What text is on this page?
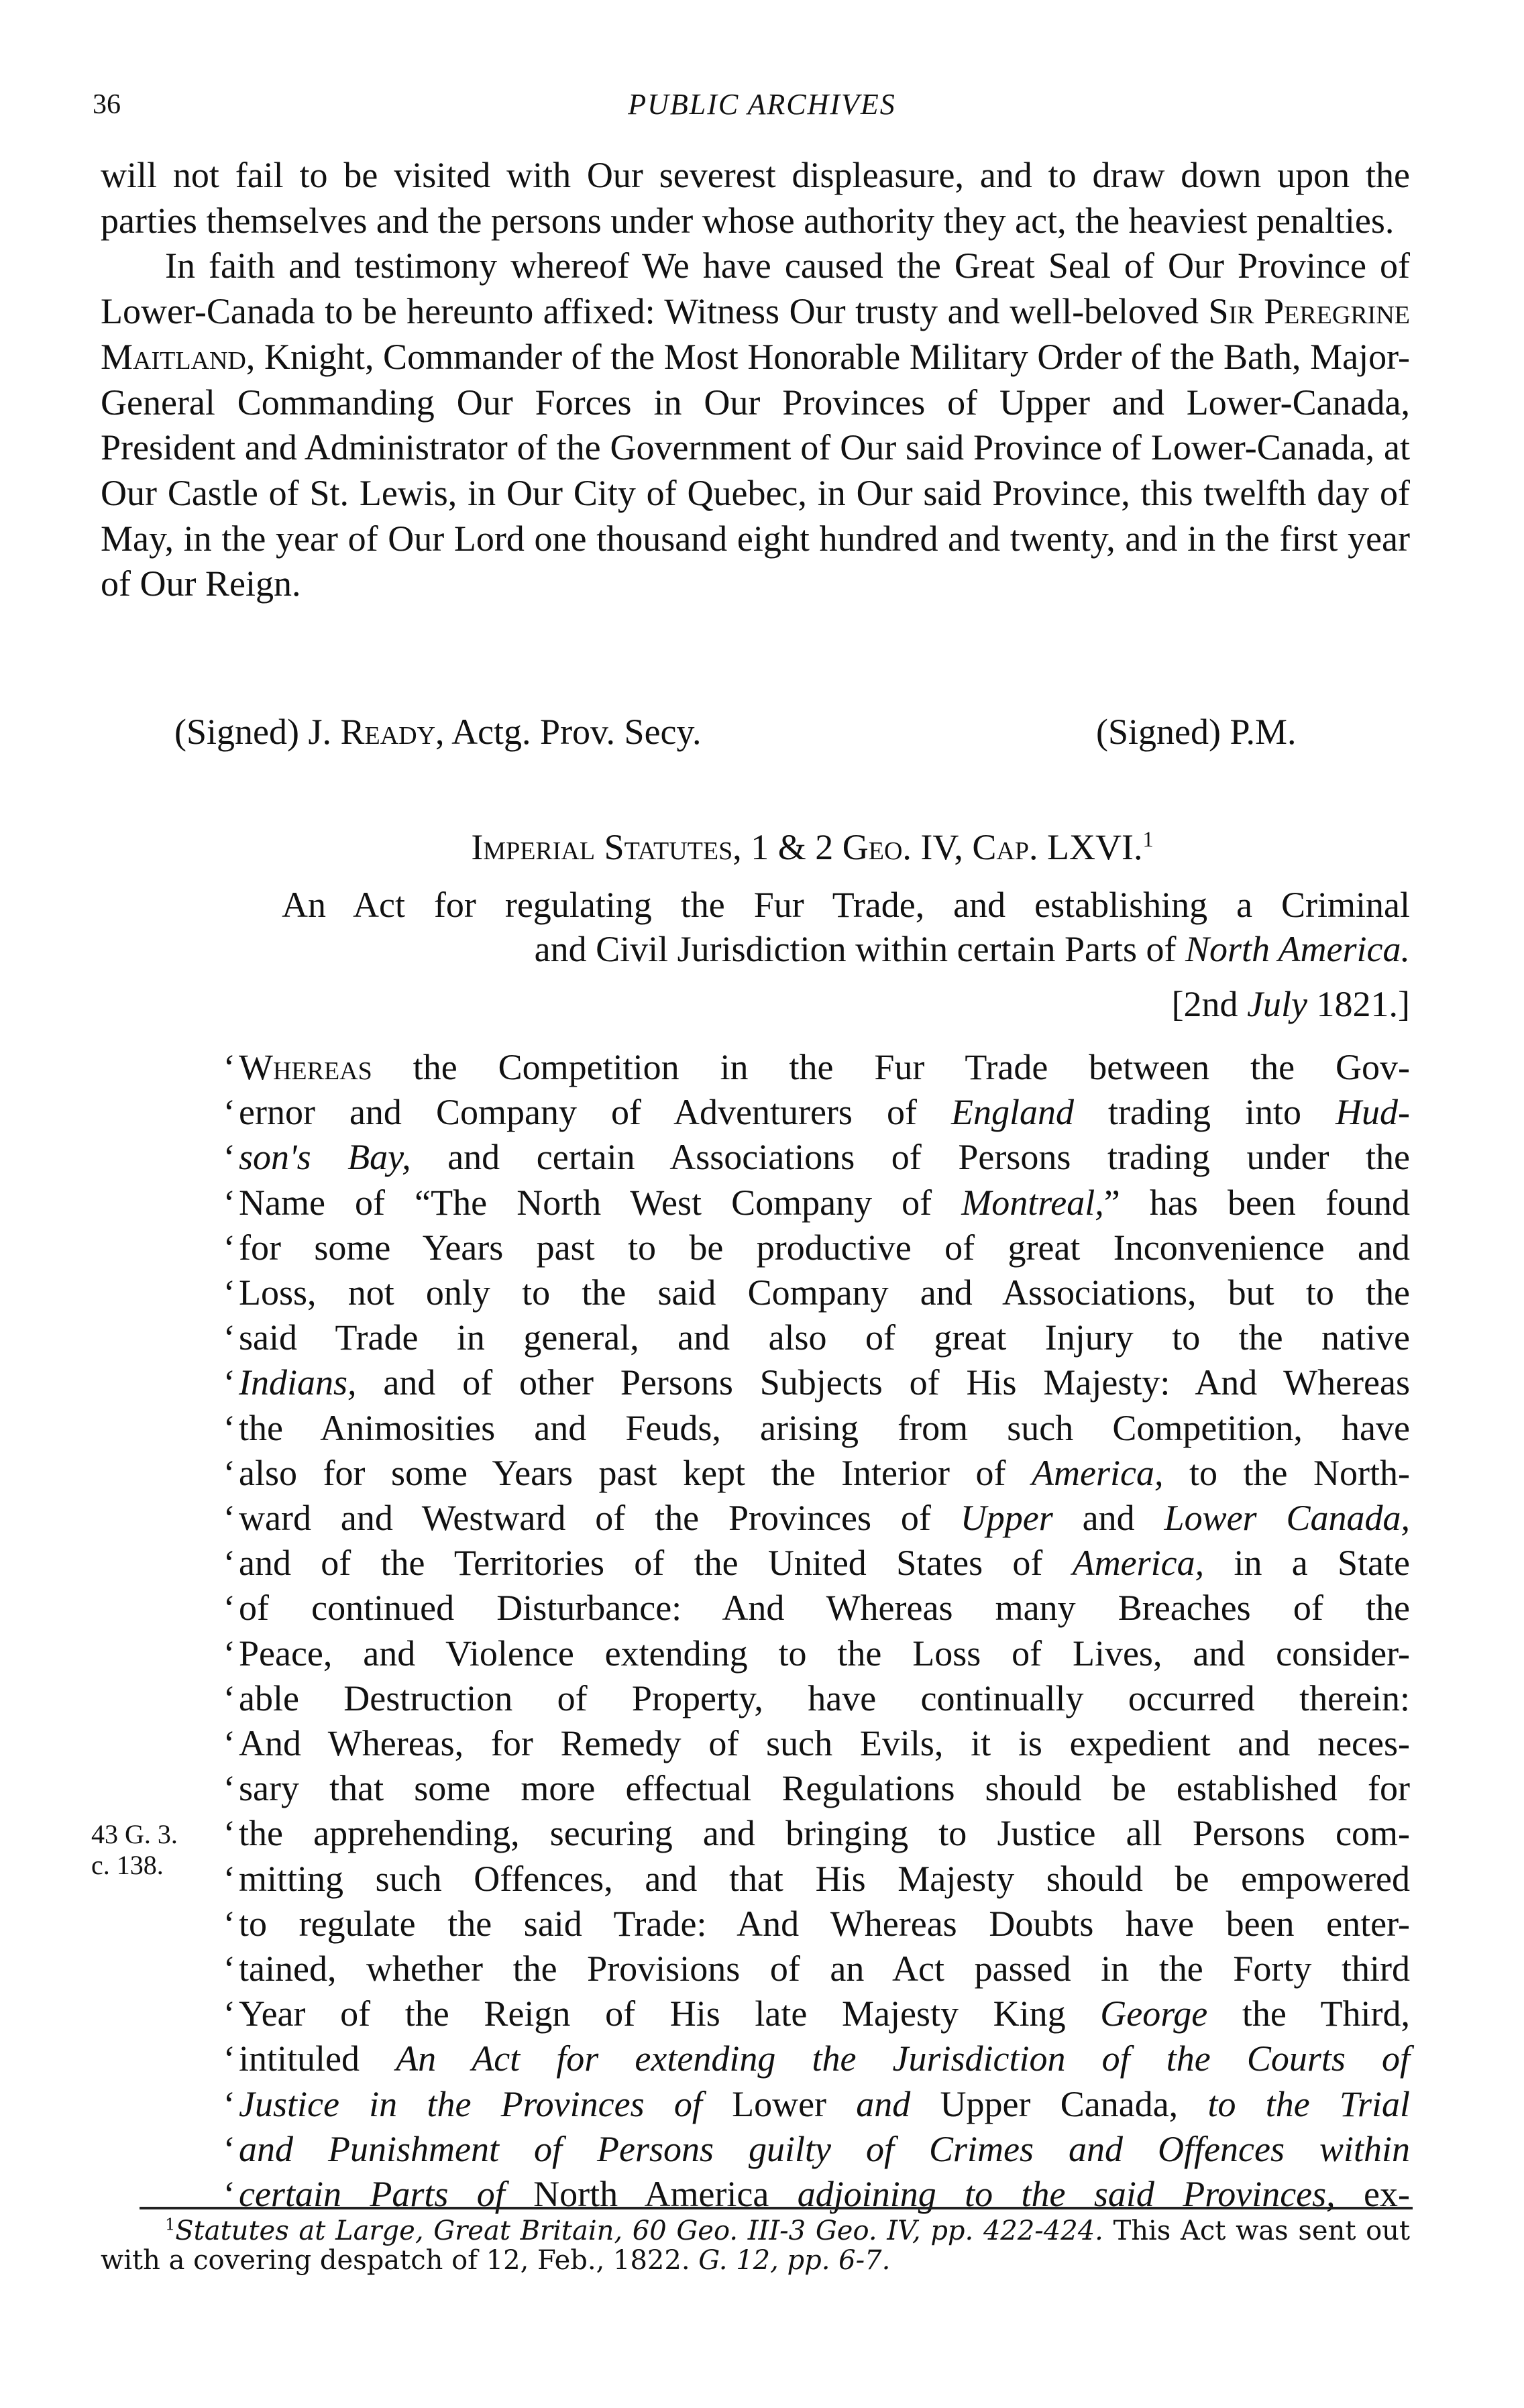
36	PUBLIC ARCHIVES

will not fail to be visited with Our severest displeasure, and to draw down upon the parties themselves and the persons under whose authority they act, the heaviest penalties.

In faith and testimony whereof We have caused the Great Seal of Our Province of Lower-Canada to be hereunto affixed: Witness Our trusty and well-beloved Sir Peregrine Maitland, Knight, Commander of the Most Honorable Military Order of the Bath, Major-General Commanding Our Forces in Our Provinces of Upper and Lower-Canada, President and Administrator of the Government of Our said Province of Lower-Canada, at Our Castle of St. Lewis, in Our City of Quebec, in Our said Province, this twelfth day of May, in the year of Our Lord one thousand eight hundred and twenty, and in the first year of Our Reign.

(Signed) J. Ready, Actg. Prov. Secy.	(Signed) P.M.
Imperial Statutes, 1 & 2 Geo. IV, Cap. LXVI.$^1$
An Act for regulating the Fur Trade, and establishing a Criminal
and Civil Jurisdiction within certain Parts of North America.
[2nd July 1821.]
‘ Whereas the Competition in the Fur Trade between the Gov-
‘ ernor and Company of Adventurers of England trading into Hud-
‘ son's Bay, and certain Associations of Persons trading under the
‘ Name of “The North West Company of Montreal,” has been found
‘ for some Years past to be productive of great Inconvenience and
‘ Loss, not only to the said Company and Associations, but to the
‘ said Trade in general, and also of great Injury to the native
‘ Indians, and of other Persons Subjects of His Majesty: And Whereas
‘ the Animosities and Feuds, arising from such Competition, have
‘ also for some Years past kept the Interior of America, to the North-
‘ ward and Westward of the Provinces of Upper and Lower Canada,
‘ and of the Territories of the United States of America, in a State
‘ of continued Disturbance: And Whereas many Breaches of the
‘ Peace, and Violence extending to the Loss of Lives, and consider-
‘ able Destruction of Property, have continually occurred therein:
‘ And Whereas, for Remedy of such Evils, it is expedient and neces-
‘ sary that some more effectual Regulations should be established for
‘ the apprehending, securing and bringing to Justice all Persons com-
‘ mitting such Offences, and that His Majesty should be empowered
‘ to regulate the said Trade: And Whereas Doubts have been enter-
‘ tained, whether the Provisions of an Act passed in the Forty third
‘ Year of the Reign of His late Majesty King George the Third,
‘ intituled An Act for extending the Jurisdiction of the Courts of
‘ Justice in the Provinces of Lower and Upper Canada, to the Trial
‘ and Punishment of Persons guilty of Crimes and Offences within
‘ certain Parts of North America adjoining to the said Provinces, ex-
43 G. 3.
c. 138.
$^1$Statutes at Large, Great Britain, 60 Geo. III-3 Geo. IV, pp. 422-424. This Act was sent out with a covering despatch of 12, Feb., 1822. G. 12, pp. 6-7.
